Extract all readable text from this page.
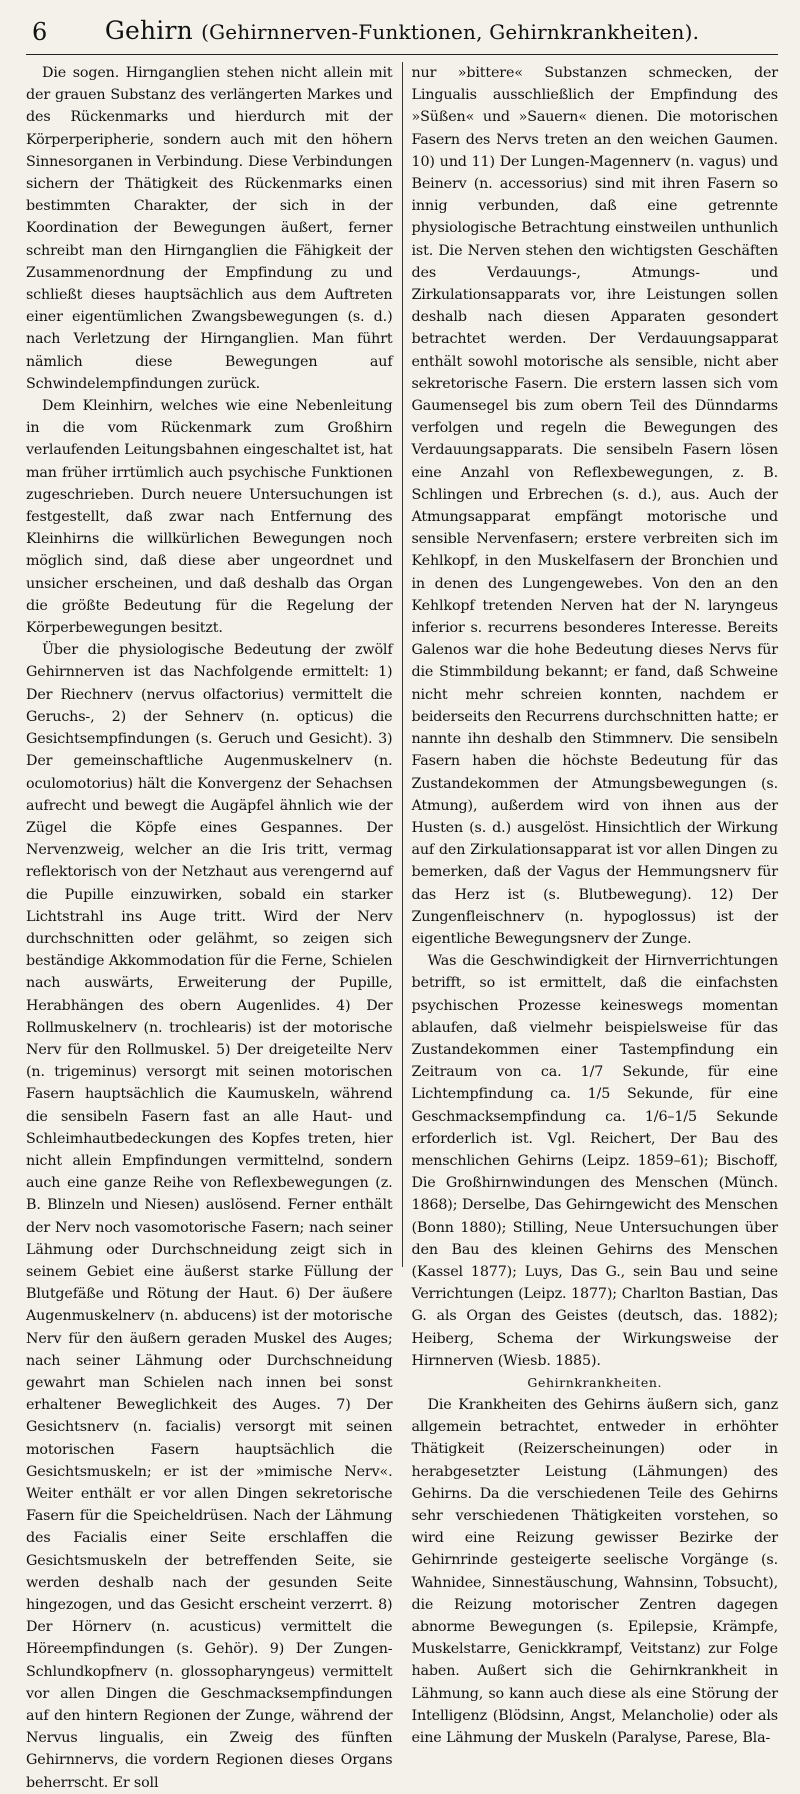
6	Gehirn (Gehirnnerven-Funktionen, Gehirnkrankheiten).

Die sogen. Hirnganglien stehen nicht allein mit der grauen Substanz des verlängerten Markes und des Rückenmarks und hierdurch mit der Körperperipherie, sondern auch mit den höhern Sinnesorganen in Verbindung. Diese Verbindungen sichern der Thätigkeit des Rückenmarks einen bestimmten Charakter, der sich in der Koordination der Bewegungen äußert, ferner schreibt man den Hirnganglien die Fähigkeit der Zusammenordnung der Empfindung zu und schließt dieses hauptsächlich aus dem Auftreten einer eigentümlichen Zwangsbewegungen (s. d.) nach Verletzung der Hirnganglien. Man führt nämlich diese Bewegungen auf Schwindelempfindungen zurück.

Dem Kleinhirn, welches wie eine Nebenleitung in die vom Rückenmark zum Großhirn verlaufenden Leitungsbahnen eingeschaltet ist, hat man früher irrtümlich auch psychische Funktionen zugeschrieben. Durch neuere Untersuchungen ist festgestellt, daß zwar nach Entfernung des Kleinhirns die willkürlichen Bewegungen noch möglich sind, daß diese aber ungeordnet und unsicher erscheinen, und daß deshalb das Organ die größte Bedeutung für die Regelung der Körperbewegungen besitzt.

Über die physiologische Bedeutung der zwölf Gehirnnerven ist das Nachfolgende ermittelt: 1) Der Riechnerv (nervus olfactorius) vermittelt die Geruchs-, 2) der Sehnerv (n. opticus) die Gesichtsempfindungen (s. Geruch und Gesicht). 3) Der gemeinschaftliche Augenmuskelnerv (n. oculomotorius) hält die Konvergenz der Sehachsen aufrecht und bewegt die Augäpfel ähnlich wie der Zügel die Köpfe eines Gespannes. Der Nervenzweig, welcher an die Iris tritt, vermag reflektorisch von der Netzhaut aus verengernd auf die Pupille einzuwirken, sobald ein starker Lichtstrahl ins Auge tritt. Wird der Nerv durchschnitten oder gelähmt, so zeigen sich beständige Akkommodation für die Ferne, Schielen nach auswärts, Erweiterung der Pupille, Herabhängen des obern Augenlides. 4) Der Rollmuskelnerv (n. trochlearis) ist der motorische Nerv für den Rollmuskel. 5) Der dreigeteilte Nerv (n. trigeminus) versorgt mit seinen motorischen Fasern hauptsächlich die Kaumuskeln, während die sensibeln Fasern fast an alle Haut- und Schleimhautbedeckungen des Kopfes treten, hier nicht allein Empfindungen vermittelnd, sondern auch eine ganze Reihe von Reflexbewegungen (z. B. Blinzeln und Niesen) auslösend. Ferner enthält der Nerv noch vasomotorische Fasern; nach seiner Lähmung oder Durchschneidung zeigt sich in seinem Gebiet eine äußerst starke Füllung der Blutgefäße und Rötung der Haut. 6) Der äußere Augenmuskelnerv (n. abducens) ist der motorische Nerv für den äußern geraden Muskel des Auges; nach seiner Lähmung oder Durchschneidung gewahrt man Schielen nach innen bei sonst erhaltener Beweglichkeit des Auges. 7) Der Gesichtsnerv (n. facialis) versorgt mit seinen motorischen Fasern hauptsächlich die Gesichtsmuskeln; er ist der »mimische Nerv«. Weiter enthält er vor allen Dingen sekretorische Fasern für die Speicheldrüsen. Nach der Lähmung des Facialis einer Seite erschlaffen die Gesichtsmuskeln der betreffenden Seite, sie werden deshalb nach der gesunden Seite hingezogen, und das Gesicht erscheint verzerrt. 8) Der Hörnerv (n. acusticus) vermittelt die Höreempfindungen (s. Gehör). 9) Der Zungen-Schlundkopfnerv (n. glossopharyngeus) vermittelt vor allen Dingen die Geschmacksempfindungen auf den hintern Regionen der Zunge, während der Nervus lingualis, ein Zweig des fünften Gehirnnervs, die vordern Regionen dieses Organs beherrscht. Er soll

nur »bittere« Substanzen schmecken, der Lingualis ausschließlich der Empfindung des »Süßen« und »Sauern« dienen. Die motorischen Fasern des Nervs treten an den weichen Gaumen. 10) und 11) Der Lungen-Magennerv (n. vagus) und Beinerv (n. accessorius) sind mit ihren Fasern so innig verbunden, daß eine getrennte physiologische Betrachtung einstweilen unthunlich ist. Die Nerven stehen den wichtigsten Geschäften des Verdauungs-, Atmungs- und Zirkulationsapparats vor, ihre Leistungen sollen deshalb nach diesen Apparaten gesondert betrachtet werden. Der Verdauungsapparat enthält sowohl motorische als sensible, nicht aber sekretorische Fasern. Die erstern lassen sich vom Gaumensegel bis zum obern Teil des Dünndarms verfolgen und regeln die Bewegungen des Verdauungsapparats. Die sensibeln Fasern lösen eine Anzahl von Reflexbewegungen, z. B. Schlingen und Erbrechen (s. d.), aus. Auch der Atmungsapparat empfängt motorische und sensible Nervenfasern; erstere verbreiten sich im Kehlkopf, in den Muskelfasern der Bronchien und in denen des Lungengewebes. Von den an den Kehlkopf tretenden Nerven hat der N. laryngeus inferior s. recurrens besonderes Interesse. Bereits Galenos war die hohe Bedeutung dieses Nervs für die Stimmbildung bekannt; er fand, daß Schweine nicht mehr schreien konnten, nachdem er beiderseits den Recurrens durchschnitten hatte; er nannte ihn deshalb den Stimmnerv. Die sensibeln Fasern haben die höchste Bedeutung für das Zustandekommen der Atmungsbewegungen (s. Atmung), außerdem wird von ihnen aus der Husten (s. d.) ausgelöst. Hinsichtlich der Wirkung auf den Zirkulationsapparat ist vor allen Dingen zu bemerken, daß der Vagus der Hemmungsnerv für das Herz ist (s. Blutbewegung). 12) Der Zungenfleischnerv (n. hypoglossus) ist der eigentliche Bewegungsnerv der Zunge.

Was die Geschwindigkeit der Hirnverrichtungen betrifft, so ist ermittelt, daß die einfachsten psychischen Prozesse keineswegs momentan ablaufen, daß vielmehr beispielsweise für das Zustandekommen einer Tastempfindung ein Zeitraum von ca. 1/7 Sekunde, für eine Lichtempfindung ca. 1/5 Sekunde, für eine Geschmacksempfindung ca. 1/6–1/5 Sekunde erforderlich ist. Vgl. Reichert, Der Bau des menschlichen Gehirns (Leipz. 1859–61); Bischoff, Die Großhirnwindungen des Menschen (Münch. 1868); Derselbe, Das Gehirngewicht des Menschen (Bonn 1880); Stilling, Neue Untersuchungen über den Bau des kleinen Gehirns des Menschen (Kassel 1877); Luys, Das G., sein Bau und seine Verrichtungen (Leipz. 1877); Charlton Bastian, Das G. als Organ des Geistes (deutsch, das. 1882); Heiberg, Schema der Wirkungsweise der Hirnnerven (Wiesb. 1885).

Gehirnkrankheiten.

Die Krankheiten des Gehirns äußern sich, ganz allgemein betrachtet, entweder in erhöhter Thätigkeit (Reizerscheinungen) oder in herabgesetzter Leistung (Lähmungen) des Gehirns. Da die verschiedenen Teile des Gehirns sehr verschiedenen Thätigkeiten vorstehen, so wird eine Reizung gewisser Bezirke der Gehirnrinde gesteigerte seelische Vorgänge (s. Wahnidee, Sinnestäuschung, Wahnsinn, Tobsucht), die Reizung motorischer Zentren dagegen abnorme Bewegungen (s. Epilepsie, Krämpfe, Muskelstarre, Genickkrampf, Veitstanz) zur Folge haben. Außert sich die Gehirnkrankheit in Lähmung, so kann auch diese als eine Störung der Intelligenz (Blödsinn, Angst, Melancholie) oder als eine Lähmung der Muskeln (Paralyse, Parese, Bla-
